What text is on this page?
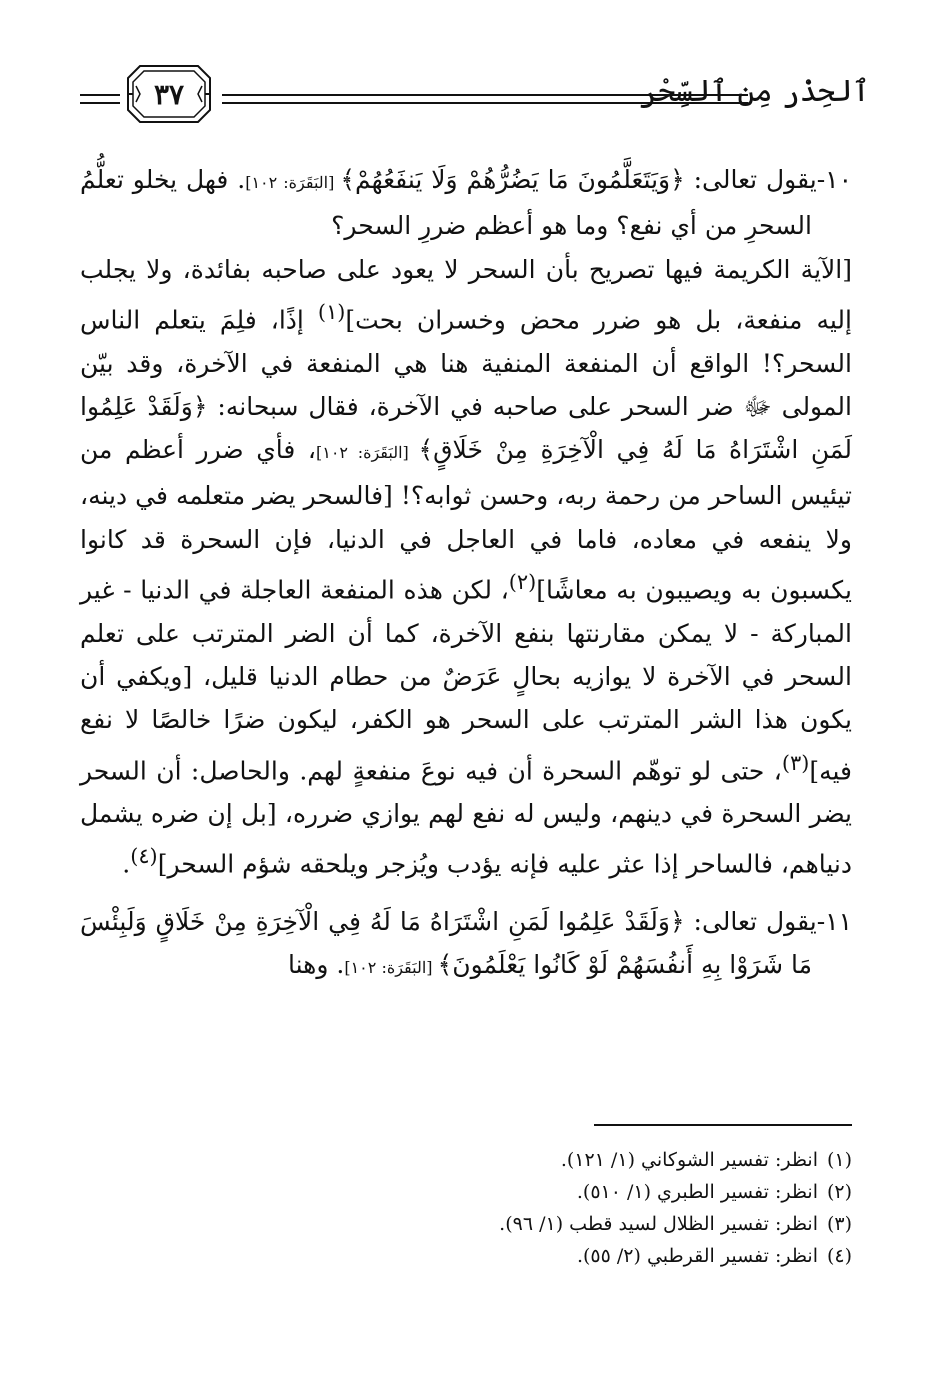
ٱلحِذْر مِن ٱلسِّحْر
٣٧

١٠-يقول تعالى: ﴿وَيَتَعَلَّمُونَ مَا يَضُرُّهُمْ وَلَا يَنفَعُهُمْ﴾ [البَقَرَة: ١٠٢]. فهل يخلو تعلُّمُ السحرِ من أي نفع؟ وما هو أعظم ضررِ السحر؟

[الآية الكريمة فيها تصريح بأن السحر لا يعود على صاحبه بفائدة، ولا يجلب إليه منفعة، بل هو ضرر محض وخسران بحت]$^{(١)}$ إذًا، فلِمَ يتعلم الناس السحر؟! الواقع أن المنفعة المنفية هنا هي المنفعة في الآخرة، وقد بيّن المولى ﷻ ضر السحر على صاحبه في الآخرة، فقال سبحانه: ﴿وَلَقَدْ عَلِمُوا لَمَنِ اشْتَرَاهُ مَا لَهُ فِي الْآخِرَةِ مِنْ خَلَاقٍ﴾ [البَقَرَة: ١٠٢]، فأي ضرر أعظم من تيئيس الساحر من رحمة ربه، وحسن ثوابه؟! [فالسحر يضر متعلمه في دينه، ولا ينفعه في معاده، فاما في العاجل في الدنيا، فإن السحرة قد كانوا يكسبون به ويصيبون به معاشًا]$^{(٢)}$، لكن هذه المنفعة العاجلة في الدنيا - غير المباركة - لا يمكن مقارنتها بنفع الآخرة، كما أن الضر المترتب على تعلم السحر في الآخرة لا يوازيه بحالٍ عَرَضٌ من حطام الدنيا قليل، [ويكفي أن يكون هذا الشر المترتب على السحر هو الكفر، ليكون ضرًا خالصًا لا نفع فيه]$^{(٣)}$، حتى لو توهّم السحرة أن فيه نوعَ منفعةٍ لهم. والحاصل: أن السحر يضر السحرة في دينهم، وليس له نفع لهم يوازي ضرره، [بل إن ضره يشمل دنياهم، فالساحر إذا عثر عليه فإنه يؤدب ويُزجر ويلحقه شؤم السحر]$^{(٤)}$.

١١-يقول تعالى: ﴿وَلَقَدْ عَلِمُوا لَمَنِ اشْتَرَاهُ مَا لَهُ فِي الْآخِرَةِ مِنْ خَلَاقٍ وَلَبِئْسَ مَا شَرَوْا بِهِ أَنفُسَهُمْ لَوْ كَانُوا يَعْلَمُونَ﴾ [البَقَرَة: ١٠٢]. وهنا

(١)انظر: تفسير الشوكاني (١/ ١٢١).
(٢)انظر: تفسير الطبري (١/ ٥١٠).
(٣)انظر: تفسير الظلال لسيد قطب (١/ ٩٦).
(٤)انظر: تفسير القرطبي (٢/ ٥٥).
